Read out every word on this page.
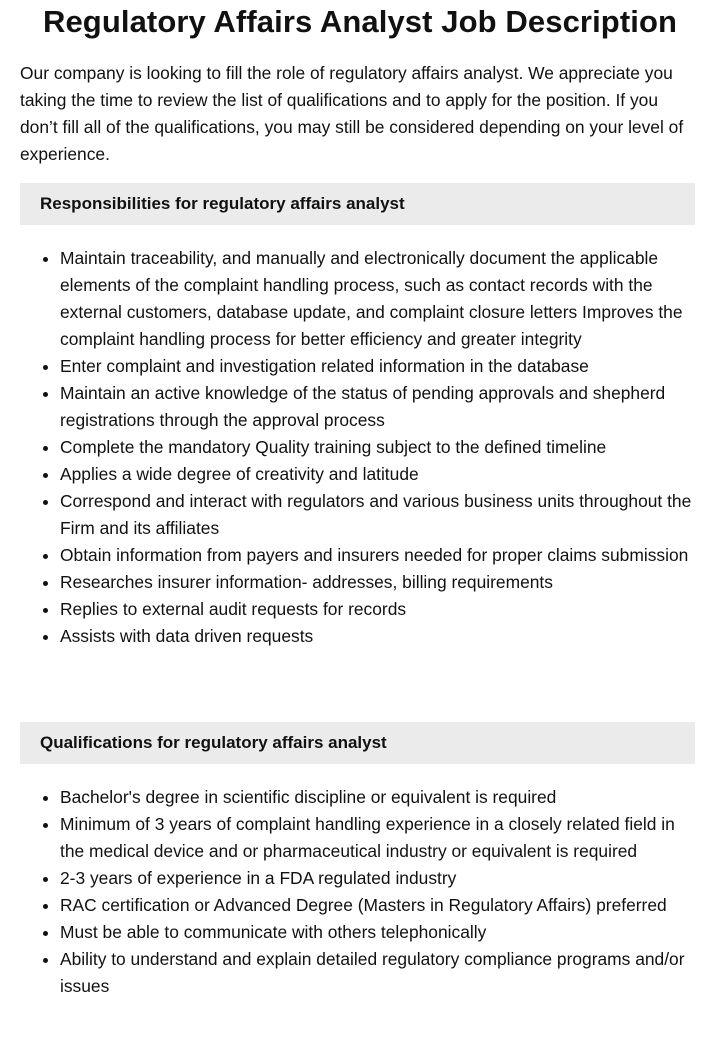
Regulatory Affairs Analyst Job Description

Our company is looking to fill the role of regulatory affairs analyst. We appreciate you taking the time to review the list of qualifications and to apply for the position. If you don’t fill all of the qualifications, you may still be considered depending on your level of experience.

Responsibilities for regulatory affairs analyst
• Maintain traceability, and manually and electronically document the applicable elements of the complaint handling process, such as contact records with the external customers, database update, and complaint closure letters Improves the complaint handling process for better efficiency and greater integrity
• Enter complaint and investigation related information in the database
• Maintain an active knowledge of the status of pending approvals and shepherd registrations through the approval process
• Complete the mandatory Quality training subject to the defined timeline
• Applies a wide degree of creativity and latitude
• Correspond and interact with regulators and various business units throughout the Firm and its affiliates
• Obtain information from payers and insurers needed for proper claims submission
• Researches insurer information- addresses, billing requirements
• Replies to external audit requests for records
• Assists with data driven requests
Qualifications for regulatory affairs analyst
• Bachelor's degree in scientific discipline or equivalent is required
• Minimum of 3 years of complaint handling experience in a closely related field in the medical device and or pharmaceutical industry or equivalent is required
• 2-3 years of experience in a FDA regulated industry
• RAC certification or Advanced Degree (Masters in Regulatory Affairs) preferred
• Must be able to communicate with others telephonically
• Ability to understand and explain detailed regulatory compliance programs and/or issues
